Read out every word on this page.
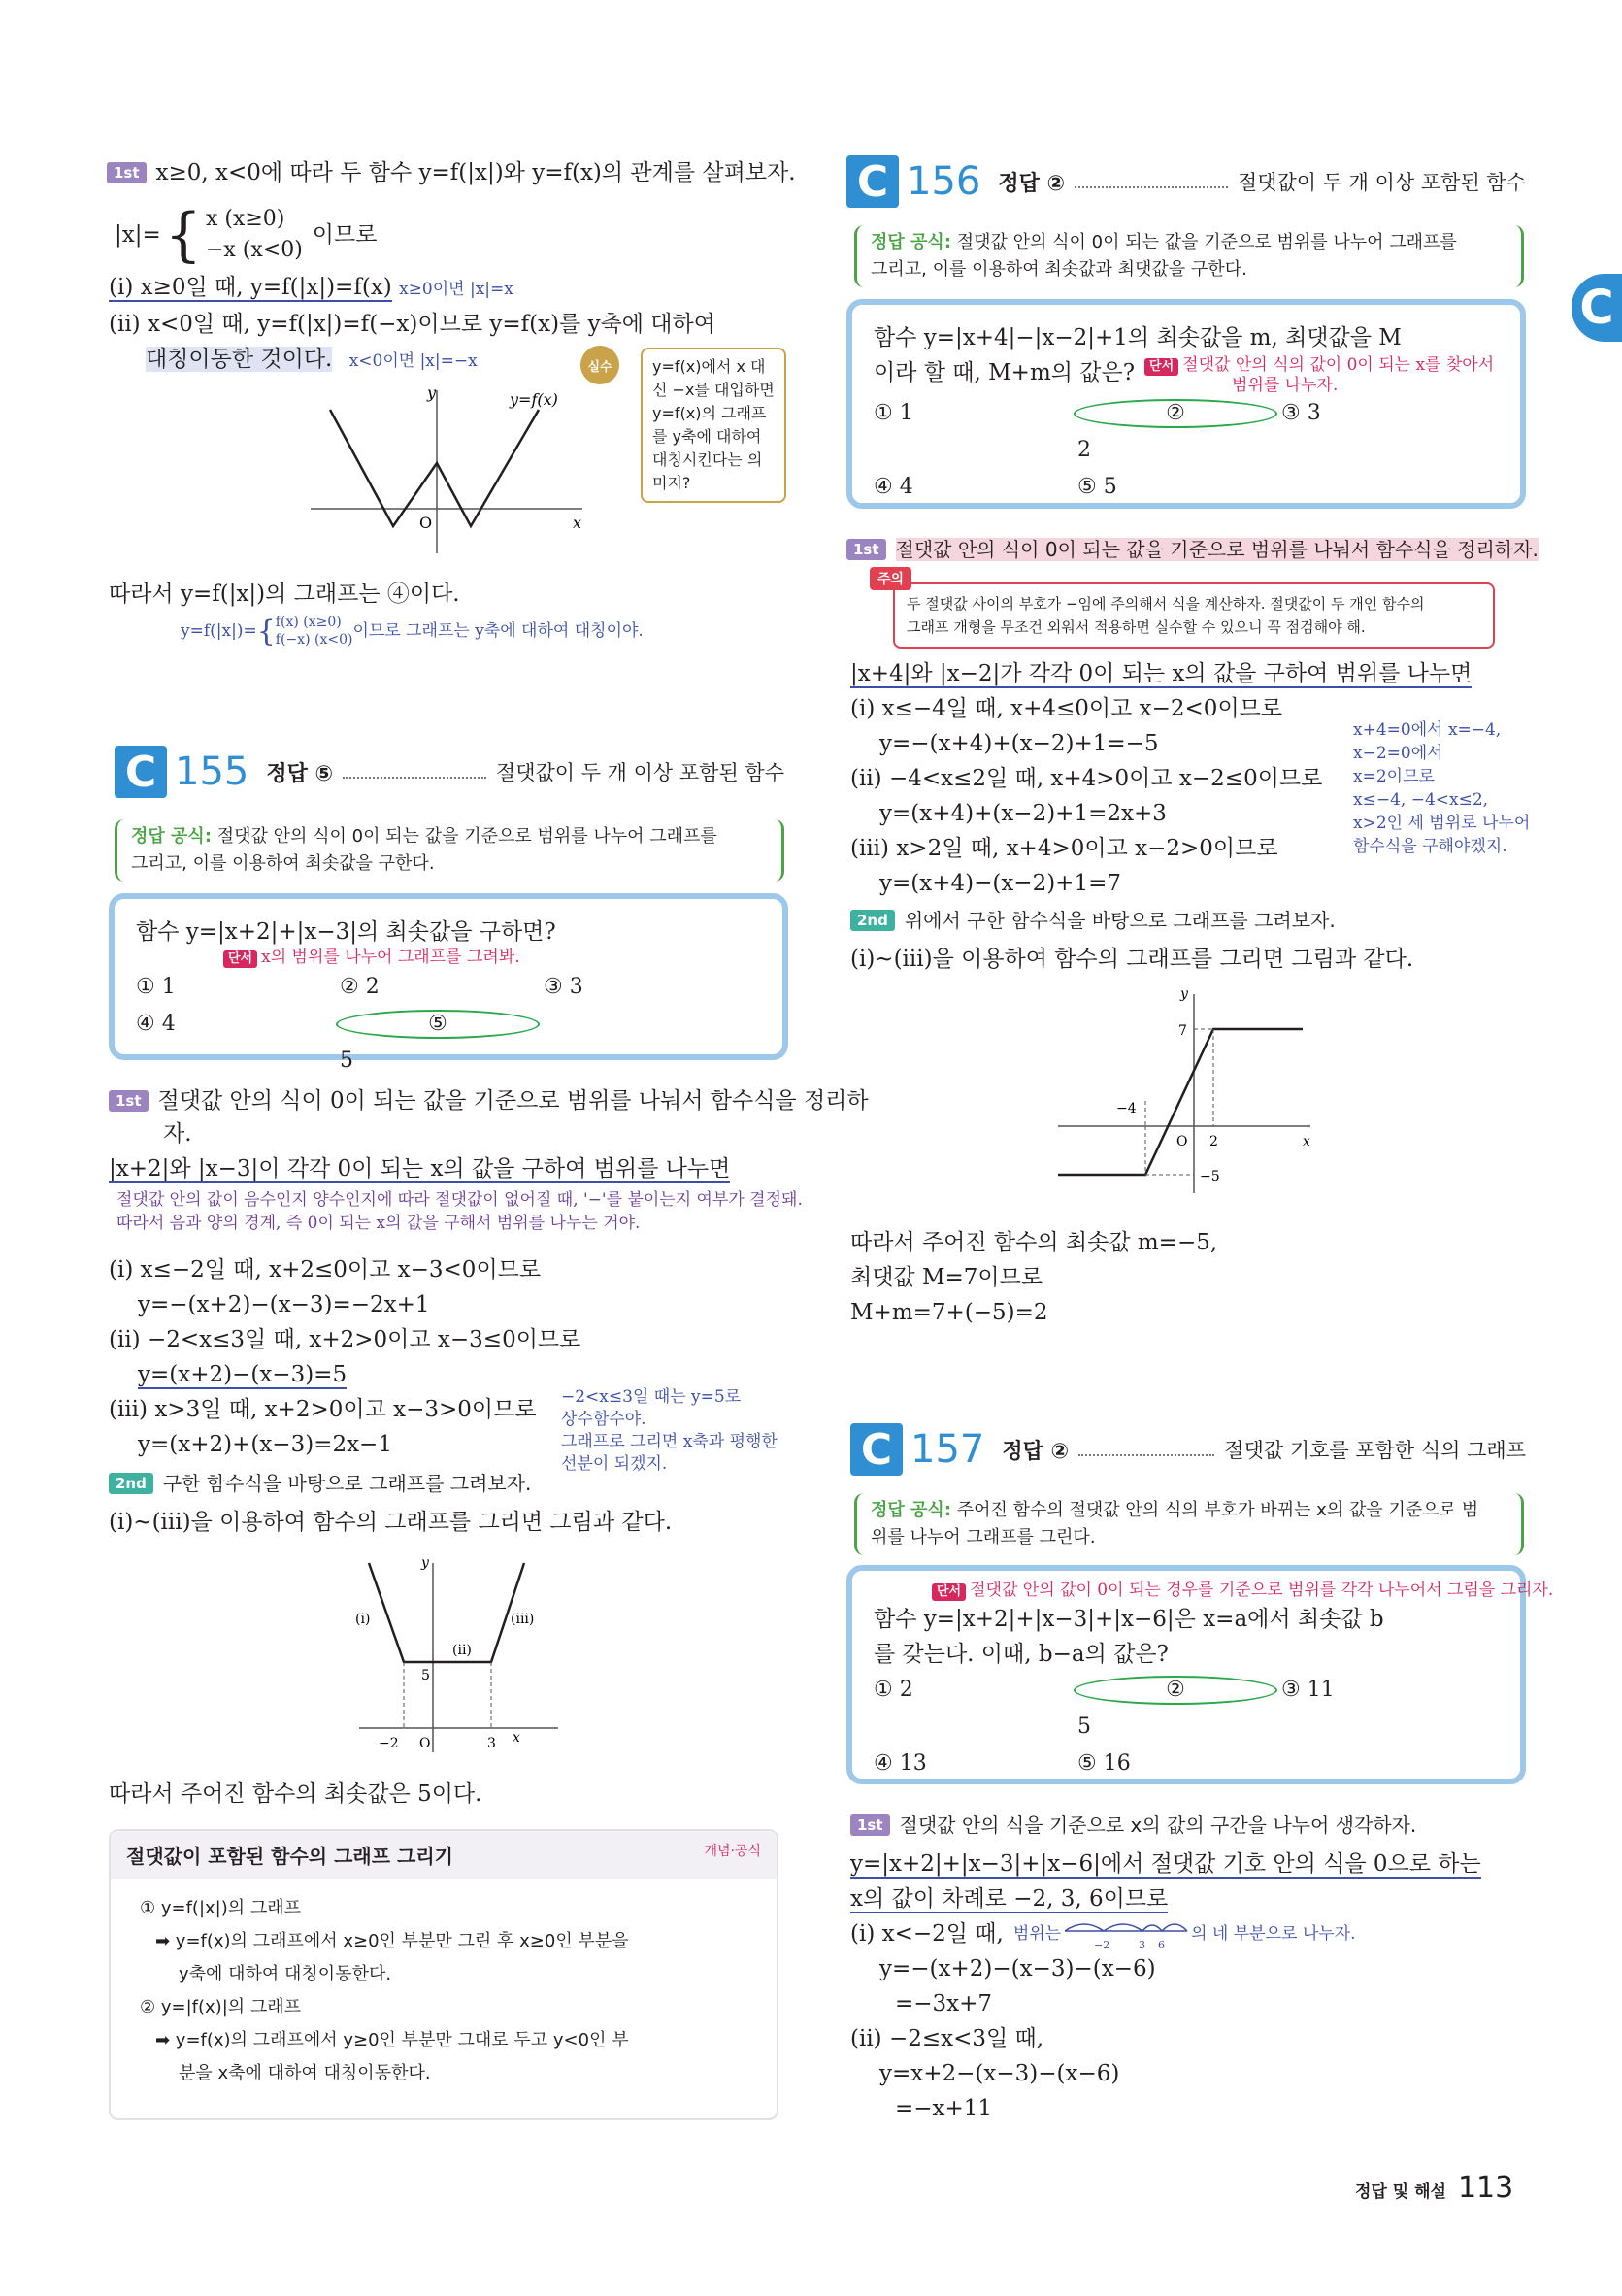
C
1st x≥0, x<0에 따라 두 함수 y=f(|x|)와 y=f(x)의 관계를 살펴보자.
|x|= { x (x≥0)
−x (x<0)
이므로
(i) x≥0일 때, y=f(|x|)=f(x) x≥0이면 |x|=x
(ii) x<0일 때, y=f(|x|)=f(−x)이므로 y=f(x)를 y축에 대하여
대칭이동한 것이다. x<0이면 |x|=−x	실수	y=f(x)에서 x 대신 −x를 대입하면 y=f(x)의 그래프를 y축에 대하여 대칭시킨다는 의미지?
y
x
O
y=f(x)
따라서 y=f(|x|)의 그래프는 ④이다.
y=f(|x|)= { f(x) (x≥0)
f(−x) (x<0) 이므로 그래프는 y축에 대하여 대칭이야.
C 155 정답 ⑤	절댓값이 두 개 이상 포함된 함수
정답 공식: 절댓값 안의 식이 0이 되는 값을 기준으로 범위를 나누어 그래프를
그리고, 이를 이용하여 최솟값을 구한다.
함수 y=|x+2|+|x−3|의 최솟값을 구하면?
단서 x의 범위를 나누어 그래프를 그려봐.
① 1	② 2	③ 3
④ 4	⑤5
1st 절댓값 안의 식이 0이 되는 값을 기준으로 범위를 나눠서 함수식을 정리하
자.
|x+2|와 |x−3|이 각각 0이 되는 x의 값을 구하여 범위를 나누면
절댓값 안의 값이 음수인지 양수인지에 따라 절댓값이 없어질 때, '−'를 붙이는지 여부가 결정돼.
따라서 음과 양의 경계, 즉 0이 되는 x의 값을 구해서 범위를 나누는 거야.
(i) x≤−2일 때, x+2≤0이고 x−3<0이므로
y=−(x+2)−(x−3)=−2x+1
(ii) −2<x≤3일 때, x+2>0이고 x−3≤0이므로
y=(x+2)−(x−3)=5
(iii) x>3일 때, x+2>0이고 x−3>0이므로
y=(x+2)+(x−3)=2x−1
−2<x≤3일 때는 y=5로
상수함수야.
그래프로 그리면 x축과 평행한
선분이 되겠지.
2nd 구한 함수식을 바탕으로 그래프를 그려보자.
(i)~(iii)을 이용하여 함수의 그래프를 그리면 그림과 같다.
y
x
O
5
−2	3
(i)
(ii)
(iii)
따라서 주어진 함수의 최솟값은 5이다.
절댓값이 포함된 함수의 그래프 그리기	개념·공식
① y=f(|x|)의 그래프
➡ y=f(x)의 그래프에서 x≥0인 부분만 그린 후 x≥0인 부분을
y축에 대하여 대칭이동한다.
② y=|f(x)|의 그래프
➡ y=f(x)의 그래프에서 y≥0인 부분만 그대로 두고 y<0인 부
분을 x축에 대하여 대칭이동한다.
C 156 정답 ②	절댓값이 두 개 이상 포함된 함수
정답 공식: 절댓값 안의 식이 0이 되는 값을 기준으로 범위를 나누어 그래프를
그리고, 이를 이용하여 최솟값과 최댓값을 구한다.
함수 y=|x+4|−|x−2|+1의 최솟값을 m, 최댓값을 M
이라 할 때, M+m의 값은?	단서 절댓값 안의 식의 값이 0이 되는 x를 찾아서
범위를 나누자.
① 1	②2
③ 3
④ 4	⑤ 5
1st 절댓값 안의 식이 0이 되는 값을 기준으로 범위를 나눠서 함수식을 정리하자.
주의
두 절댓값 사이의 부호가 −임에 주의해서 식을 계산하자. 절댓값이 두 개인 함수의
그래프 개형을 무조건 외워서 적용하면 실수할 수 있으니 꼭 점검해야 해.
|x+4|와 |x−2|가 각각 0이 되는 x의 값을 구하여 범위를 나누면
(i) x≤−4일 때, x+4≤0이고 x−2<0이므로
y=−(x+4)+(x−2)+1=−5
(ii) −4<x≤2일 때, x+4>0이고 x−2≤0이므로
y=(x+4)+(x−2)+1=2x+3
(iii) x>2일 때, x+4>0이고 x−2>0이므로
y=(x+4)−(x−2)+1=7
x+4=0에서 x=−4,
x−2=0에서
x=2이므로
x≤−4, −4<x≤2,
x>2인 세 범위로 나누어
함수식을 구해야겠지.
2nd 위에서 구한 함수식을 바탕으로 그래프를 그려보자.
(i)~(iii)을 이용하여 함수의 그래프를 그리면 그림과 같다.
y
x
O
7
−4
2
−5
따라서 주어진 함수의 최솟값 m=−5,
최댓값 M=7이므로
M+m=7+(−5)=2
C 157 정답 ②	절댓값 기호를 포함한 식의 그래프
정답 공식: 주어진 함수의 절댓값 안의 식의 부호가 바뀌는 x의 값을 기준으로 범
위를 나누어 그래프를 그린다.
단서 절댓값 안의 값이 0이 되는 경우를 기준으로 범위를 각각 나누어서 그림을 그리자.
함수 y=|x+2|+|x−3|+|x−6|은 x=a에서 최솟값 b
를 갖는다. 이때, b−a의 값은?
① 2	②5
③ 11
④ 13	⑤ 16
1st 절댓값 안의 식을 기준으로 x의 값의 구간을 나누어 생각하자.
y=|x+2|+|x−3|+|x−6|에서 절댓값 기호 안의 식을 0으로 하는
x의 값이 차례로 −2, 3, 6이므로
(i) x<−2일 때, 범위는
−2	3 6
의 네 부분으로 나누자.
y=−(x+2)−(x−3)−(x−6)
=−3x+7
(ii) −2≤x<3일 때,
y=x+2−(x−3)−(x−6)
=−x+11
정답 및 해설 113
